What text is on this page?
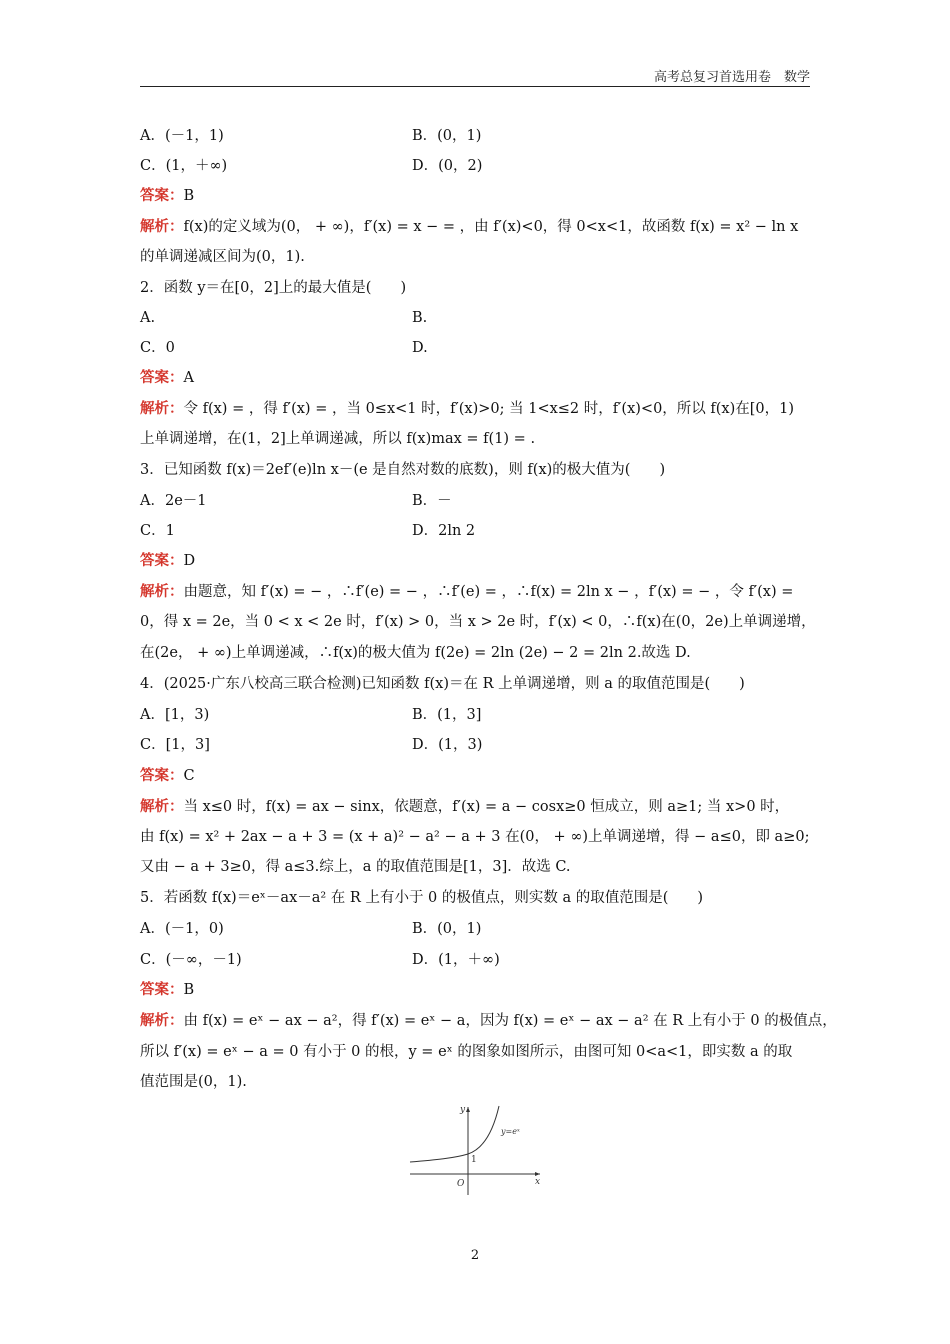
高考总复习首选用卷　数学
A．(－1，1)	B．(0，1)
C．(1，＋∞)	D．(0，2)
答案：B
解析：f(x)的定义域为(0， + ∞)，f′(x) = x − = ，由 f′(x)<0，得 0<x<1，故函数 f(x) = x² − ln x
的单调递减区间为(0，1).
2．函数 y＝在[0，2]上的最大值是(　　)
A.	B.
C．0	D.
答案：A
解析：令 f(x) = ，得 f′(x) = ，当 0≤x<1 时，f′(x)>0; 当 1<x≤2 时，f′(x)<0，所以 f(x)在[0，1)
上单调递增，在(1，2]上单调递减，所以 f(x)max = f(1) = .
3．已知函数 f(x)＝2ef′(e)ln x－(e 是自然对数的底数)，则 f(x)的极大值为(　　)
A．2e－1	B．－
C．1	D．2ln 2
答案：D
解析：由题意，知 f′(x) = − ，∴f′(e) = − ，∴f′(e) = ，∴f(x) = 2ln x − ，f′(x) = − ，令 f′(x) =
0，得 x = 2e，当 0 < x < 2e 时，f′(x) > 0，当 x > 2e 时，f′(x) < 0，∴f(x)在(0，2e)上单调递增，
在(2e， + ∞)上单调递减，∴f(x)的极大值为 f(2e) = 2ln (2e) − 2 = 2ln 2.故选 D.
4．(2025·广东八校高三联合检测)已知函数 f(x)＝在 R 上单调递增，则 a 的取值范围是(　　)
A．[1，3)	B．(1，3]
C．[1，3]	D．(1，3)
答案：C
解析：当 x≤0 时，f(x) = ax − sinx，依题意，f′(x) = a − cosx≥0 恒成立，则 a≥1; 当 x>0 时，
由 f(x) = x² + 2ax − a + 3 = (x + a)² − a² − a + 3 在(0， + ∞)上单调递增，得 − a≤0，即 a≥0;
又由 − a + 3≥0，得 a≤3.综上，a 的取值范围是[1，3]．故选 C.
5．若函数 f(x)＝eˣ－ax－a² 在 R 上有小于 0 的极值点，则实数 a 的取值范围是(　　)
A．(－1，0)	B．(0，1)
C．(－∞，－1)	D．(1，＋∞)
答案：B
解析：由 f(x) = eˣ − ax − a²，得 f′(x) = eˣ − a，因为 f(x) = eˣ − ax − a² 在 R 上有小于 0 的极值点，
所以 f′(x) = eˣ − a = 0 有小于 0 的根，y = eˣ 的图象如图所示，由图可知 0<a<1，即实数 a 的取
值范围是(0，1).
y
x
O
1
y=eˣ
2
